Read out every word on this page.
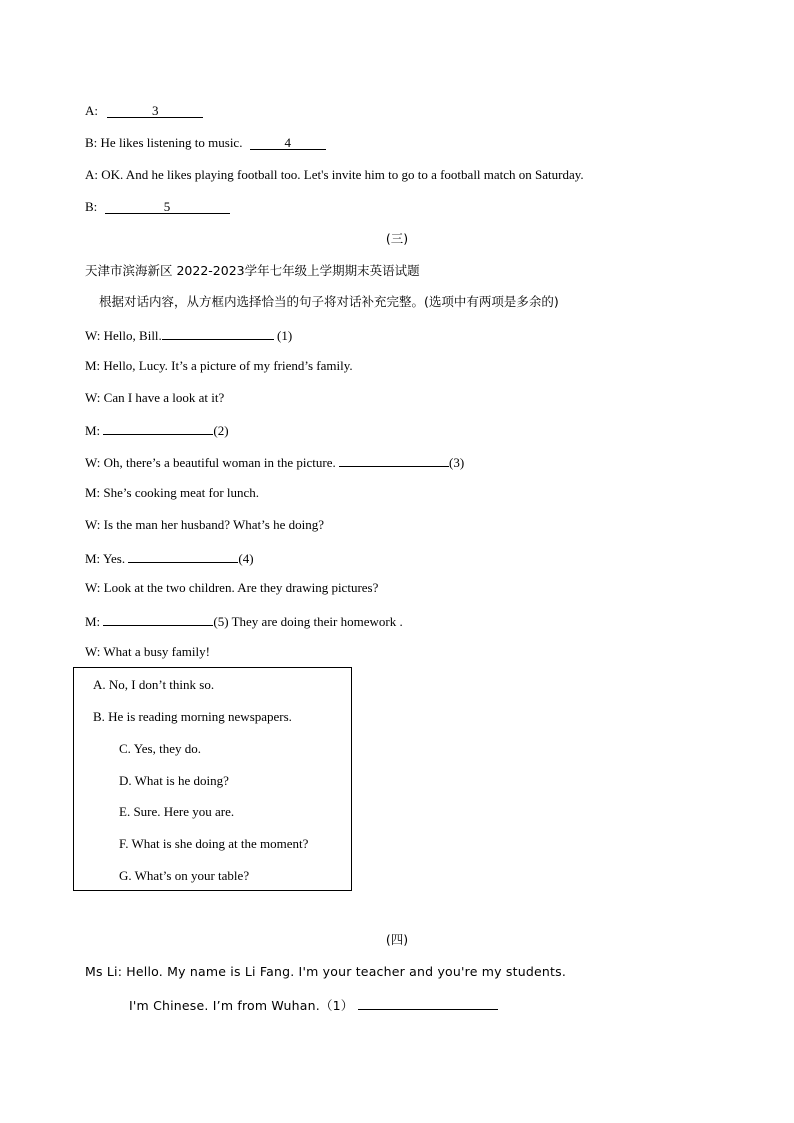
A:	3
B: He likes listening to music.	4
A: OK. And he likes playing football too. Let's invite him to go to a football match on Saturday.
B:	5
(三)
天津市滨海新区 2022-2023学年七年级上学期期末英语试题
根据对话内容，从方框内选择恰当的句子将对话补充完整。(选项中有两项是多余的)
W: Hello, Bill.	(1)
M: Hello, Lucy. It’s a picture of my friend’s family.
W: Can I have a look at it?
M:	(2)
W: Oh, there’s a beautiful woman in the picture.	(3)
M: She’s cooking meat for lunch.
W: Is the man her husband? What’s he doing?
M: Yes.	(4)
W: Look at the two children. Are they drawing pictures?
M:	(5) They are doing their homework .
W: What a busy family!
A. No, I don’t think so.
B. He is reading morning newspapers.
C. Yes, they do.
D. What is he doing?
E. Sure. Here you are.
F. What is she doing at the moment?
G. What’s on your table?
(四)
Ms Li: Hello. My name is Li Fang. I'm your teacher and you're my students.
I'm Chinese. I’m from Wuhan.（1）
